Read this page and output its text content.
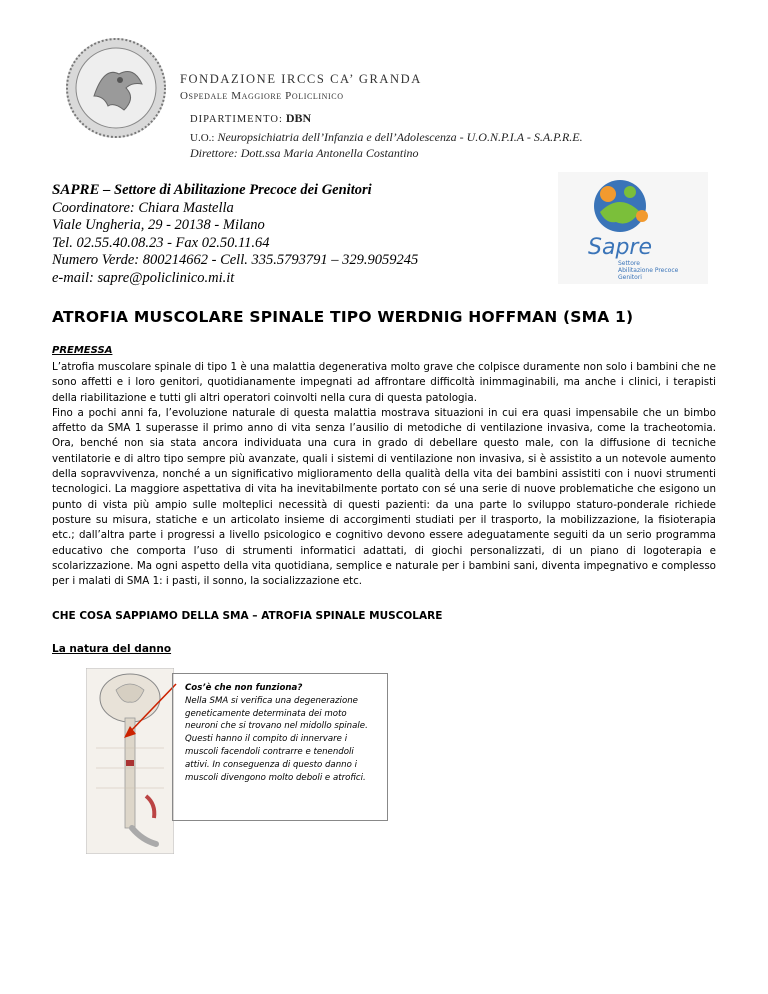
FONDAZIONE IRCCS CA’ GRANDA
Ospedale Maggiore Policlinico
DIPARTIMENTO: DBN
U.O.: Neuropsichiatria dell’Infanzia e dell’Adolescenza - U.O.N.P.I.A - S.A.P.R.E.
Direttore: Dott.ssa Maria Antonella Costantino
SAPRE – Settore di Abilitazione Precoce dei Genitori
Coordinatore: Chiara Mastella
Viale Ungheria, 29 - 20138 - Milano
Tel. 02.55.40.08.23 - Fax 02.50.11.64
Numero Verde: 800214662 - Cell. 335.5793791 – 329.9059245
e-mail: sapre@policlinico.mi.it
Sapre
Settore
Abilitazione Precoce
Genitori
ATROFIA MUSCOLARE SPINALE TIPO WERDNIG HOFFMAN (SMA 1)
PREMESSA

L’atrofia muscolare spinale di tipo 1 è una malattia degenerativa molto grave che colpisce duramente non solo i bambini che ne sono affetti e i loro genitori, quotidianamente impegnati ad affrontare difficoltà inimmaginabili, ma anche i clinici, i terapisti della riabilitazione e tutti gli altri operatori coinvolti nella cura di questa patologia.

Fino a pochi anni fa, l’evoluzione naturale di questa malattia mostrava situazioni in cui era quasi impensabile che un bimbo affetto da SMA 1 superasse il primo anno di vita senza l’ausilio di metodiche di ventilazione invasiva, come la tracheotomia. Ora, benché non sia stata ancora individuata una cura in grado di debellare questo male, con la diffusione di tecniche ventilatorie e di altro tipo sempre più avanzate, quali i sistemi di ventilazione non invasiva, si è assistito a un notevole aumento della sopravvivenza, nonché a un significativo miglioramento della qualità della vita dei bambini assistiti con i nuovi strumenti tecnologici. La maggiore aspettativa di vita ha inevitabilmente portato con sé una serie di nuove problematiche che esigono un punto di vista più ampio sulle molteplici necessità di questi pazienti: da una parte lo sviluppo staturo-ponderale richiede posture su misura, statiche e un articolato insieme di accorgimenti studiati per il trasporto, la mobilizzazione, la fisioterapia etc.; dall’altra parte i progressi a livello psicologico e cognitivo devono essere adeguatamente seguiti da un serio programma educativo che comporta l’uso di strumenti informatici adattati, di giochi personalizzati, di un piano di logoterapia e scolarizzazione. Ma ogni aspetto della vita quotidiana, semplice e naturale per i bambini sani, diventa impegnativo e complesso per i malati di SMA 1: i pasti, il sonno, la socializzazione etc.

CHE COSA SAPPIAMO DELLA SMA – ATROFIA SPINALE MUSCOLARE
La natura del danno
Cos’è che non funziona?
Nella SMA si verifica una degenerazione geneticamente determinata dei moto neuroni che si trovano nel midollo spinale. Questi hanno il compito di innervare i muscoli facendoli contrarre e tenendoli attivi. In conseguenza di questo danno i muscoli divengono molto deboli e atrofici.
